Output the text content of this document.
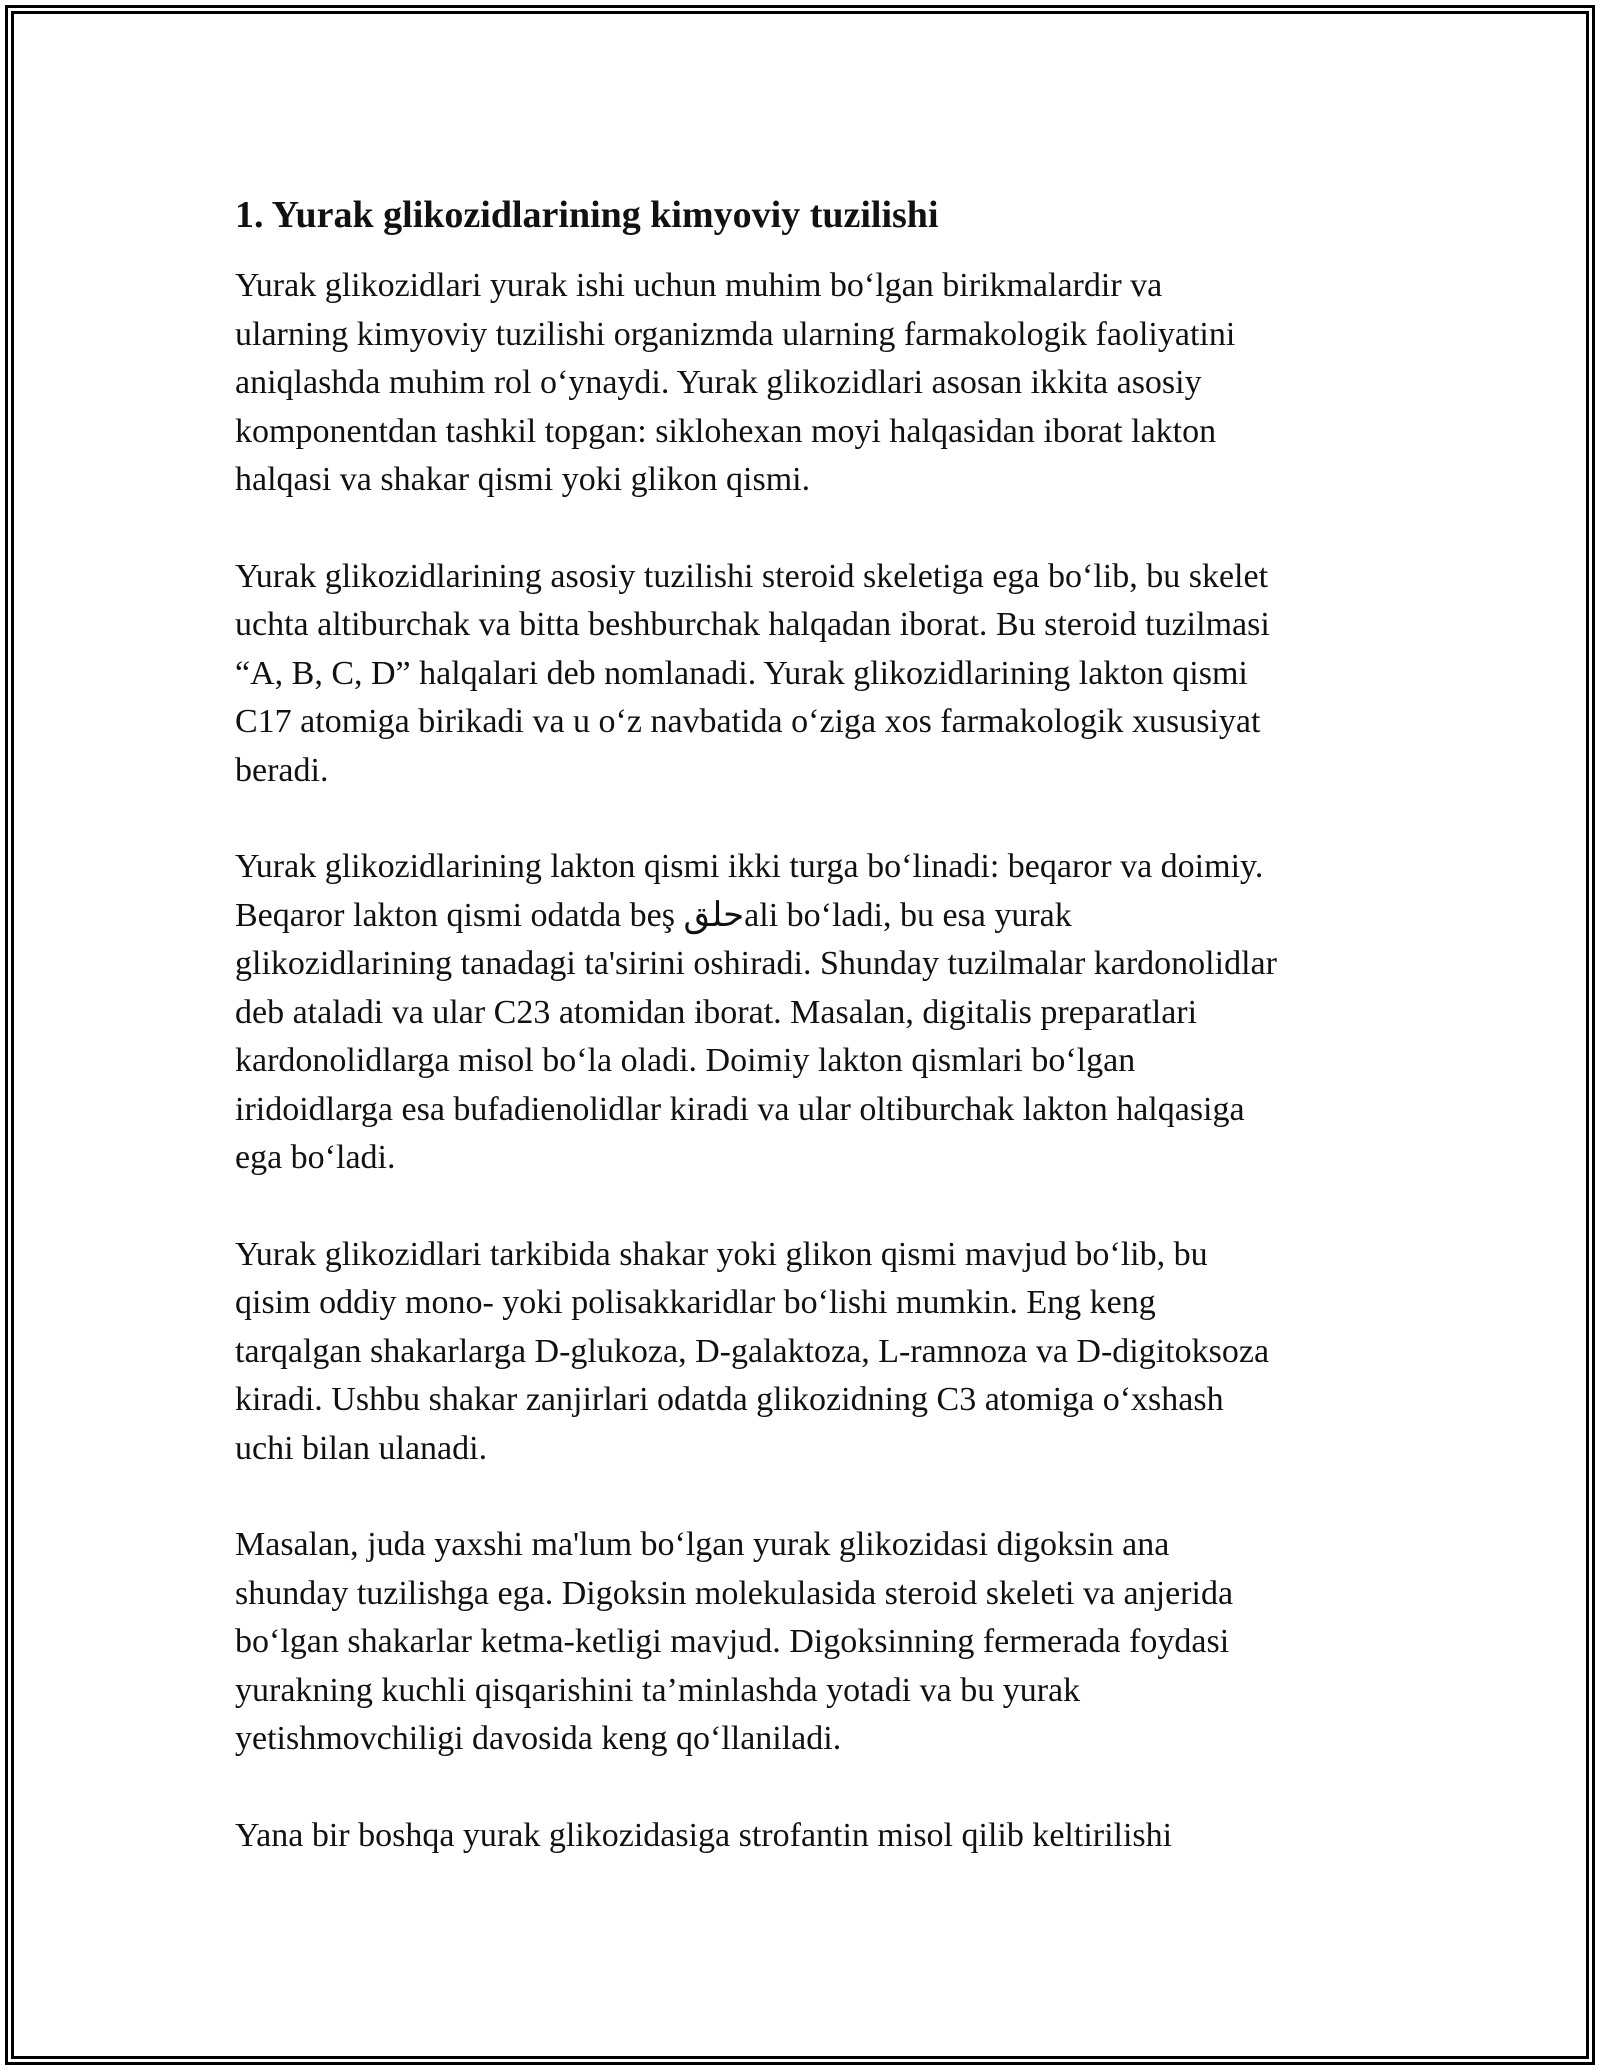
1. Yurak glikozidlarining kimyoviy tuzilishi

Yurak glikozidlari yurak ishi uchun muhim bo‘lgan birikmalardir va
ularning kimyoviy tuzilishi organizmda ularning farmakologik faoliyatini
aniqlashda muhim rol o‘ynaydi. Yurak glikozidlari asosan ikkita asosiy
komponentdan tashkil topgan: siklohexan moyi halqasidan iborat lakton
halqasi va shakar qismi yoki glikon qismi.

Yurak glikozidlarining asosiy tuzilishi steroid skeletiga ega bo‘lib, bu skelet
uchta altiburchak va bitta beshburchak halqadan iborat. Bu steroid tuzilmasi
“A, B, C, D” halqalari deb nomlanadi. Yurak glikozidlarining lakton qismi
C17 atomiga birikadi va u o‘z navbatida o‘ziga xos farmakologik xususiyat
beradi.

Yurak glikozidlarining lakton qismi ikki turga bo‘linadi: beqaror va doimiy.
Beqaror lakton qismi odatda beş حلقali bo‘ladi, bu esa yurak
glikozidlarining tanadagi ta'sirini oshiradi. Shunday tuzilmalar kardonolidlar
deb ataladi va ular C23 atomidan iborat. Masalan, digitalis preparatlari
kardonolidlarga misol bo‘la oladi. Doimiy lakton qismlari bo‘lgan
iridoidlarga esa bufadienolidlar kiradi va ular oltiburchak lakton halqasiga
ega bo‘ladi.

Yurak glikozidlari tarkibida shakar yoki glikon qismi mavjud bo‘lib, bu
qisim oddiy mono- yoki polisakkaridlar bo‘lishi mumkin. Eng keng
tarqalgan shakarlarga D-glukoza, D-galaktoza, L-ramnoza va D-digitoksoza
kiradi. Ushbu shakar zanjirlari odatda glikozidning C3 atomiga o‘xshash
uchi bilan ulanadi.

Masalan, juda yaxshi ma'lum bo‘lgan yurak glikozidasi digoksin ana
shunday tuzilishga ega. Digoksin molekulasida steroid skeleti va anjerida
bo‘lgan shakarlar ketma-ketligi mavjud. Digoksinning fermerada foydasi
yurakning kuchli qisqarishini ta’minlashda yotadi va bu yurak
yetishmovchiligi davosida keng qo‘llaniladi.

Yana bir boshqa yurak glikozidasiga strofantin misol qilib keltirilishi
